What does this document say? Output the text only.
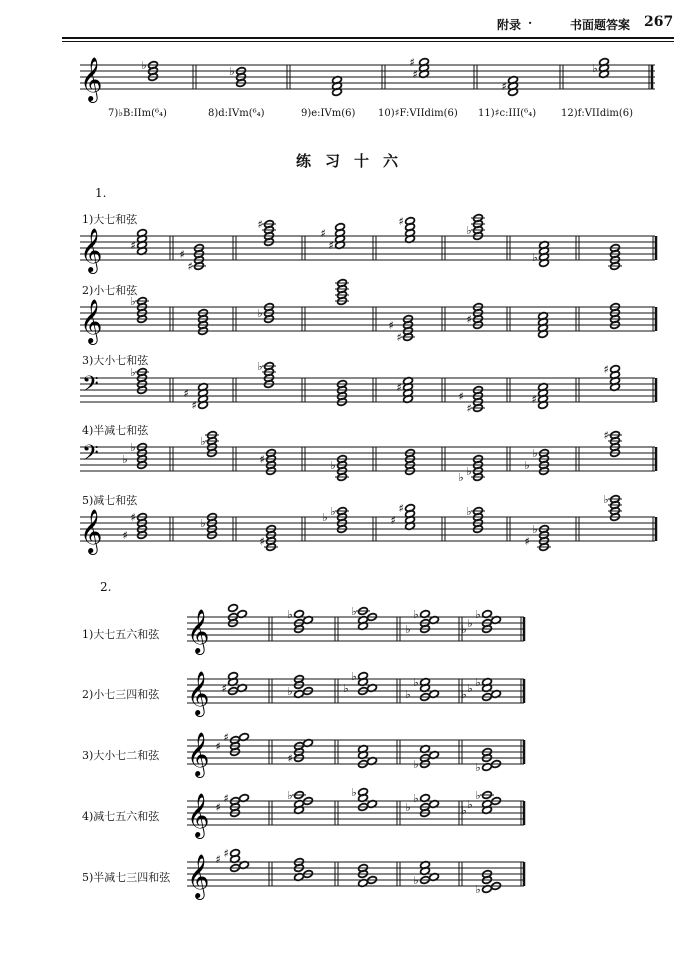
附录 ·	书面题答案 267
𝄞	♭	♭	♯
♯
♯
♭
7)♭B:IIm(⁶₄)	8)d:IVm(⁶₄)	9)e:IVm(6) 10)♯F:VIIdim(6) 11)♯c:III(⁶₄) 12)f:VIIdim(6)
练习十六
1.
1)大七和弦
𝄞	♯
♯
♯
♯
♯
♯
♯
♭
♭
2)小七和弦
𝄞	♭
♭
♯
♯	♯
3)大小七和弦
𝄢	♭
♯
♯
♭
♯
♯
♯	♯
♯
4)半减七和弦
𝄢	♭
♭
♭
♯	♭	♭
♭
♭
♭
♯
5)减七和弦
𝄞	♯
♯
♭
♯
♭
♭
♯
♯
♭
♭
♯
♭
2.
1)大七五六和弦 𝄞	♭	♭	♭
♭
♭
♭
♭
2)小七三四和弦 𝄞 ♯	♭
♭
♭	♭
♭
♭
♭
♭
3)大小七二和弦 𝄞 ♯
♯
♯	♭	♭
4)减七五六和弦 𝄞 ♯
♯
♭	♭	♭
♭
♭
♭
♭
5)半减七三四和弦 𝄞
♯
♯
♭
♭
